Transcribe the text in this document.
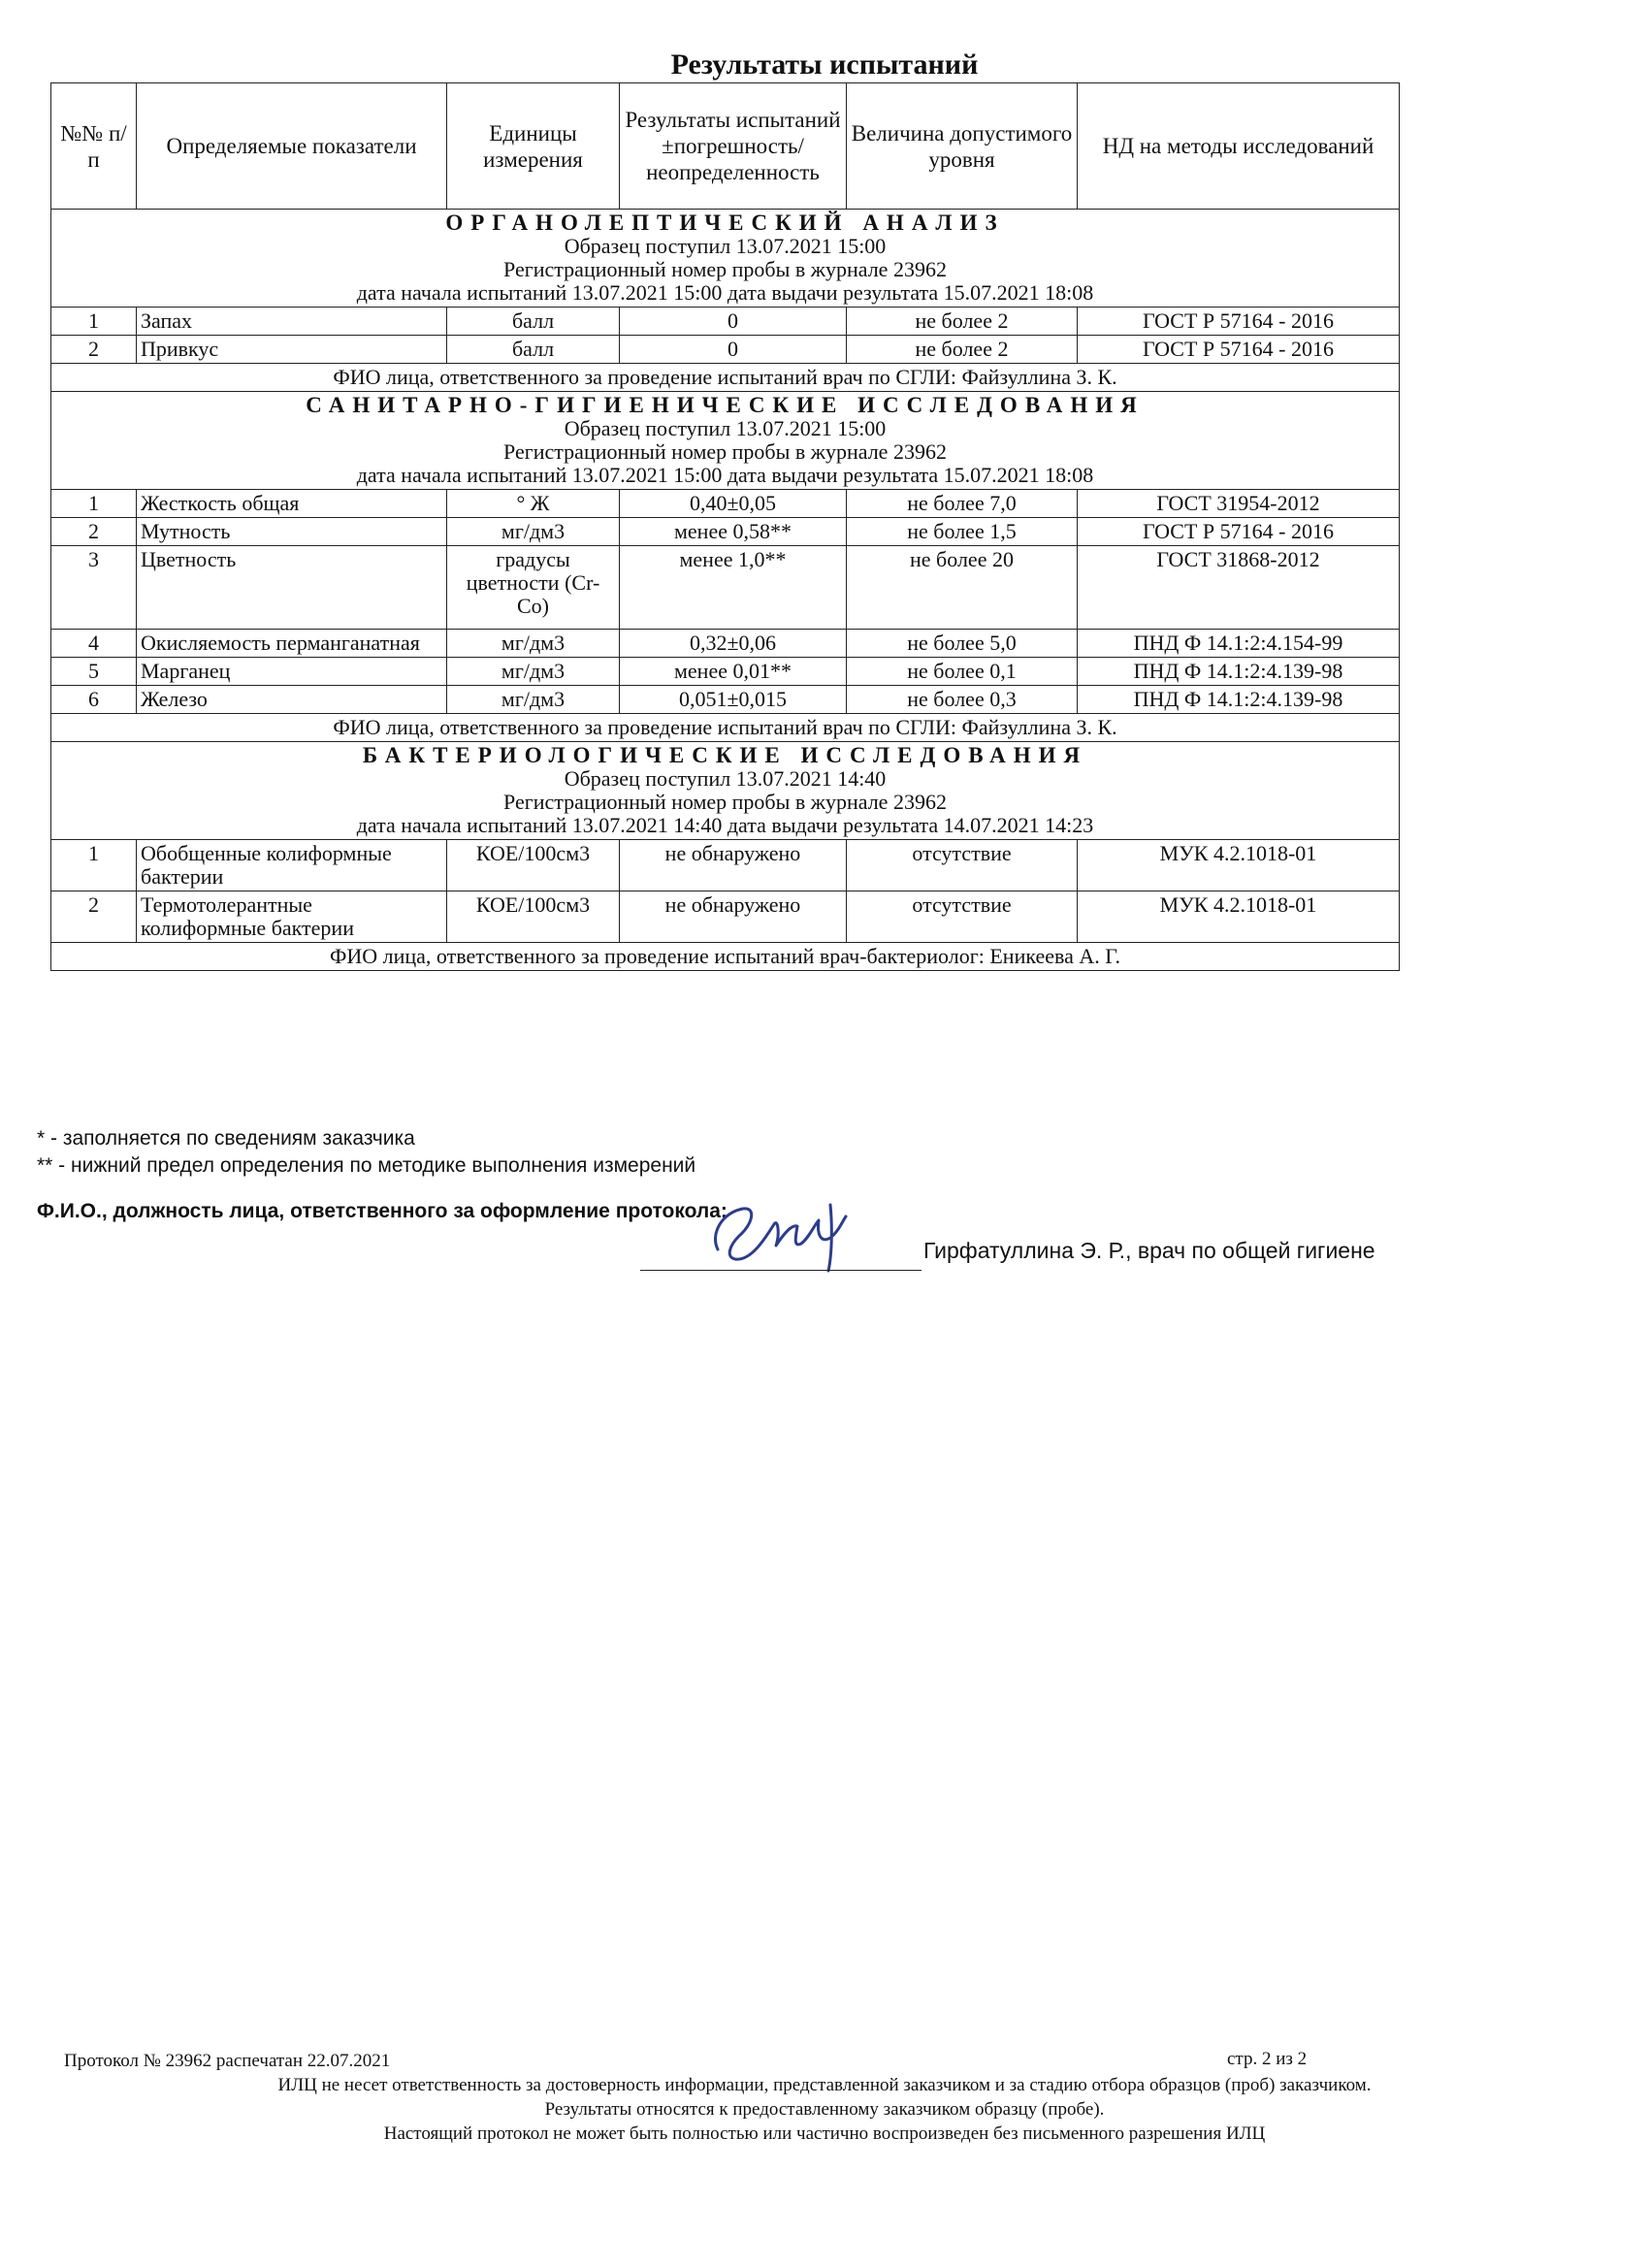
Результаты испытаний
№№ п/п	Определяемые показатели	Единицы измерения	Результаты испытаний ±погрешность/ неопределенность	Величина допустимого уровня	НД на методы исследований

ОРГАНОЛЕПТИЧЕСКИЙ АНАЛИЗ
Образец поступил 13.07.2021 15:00
Регистрационный номер пробы в журнале 23962
дата начала испытаний 13.07.2021 15:00 дата выдачи результата 15.07.2021 18:08					

1	Запах	балл	0	не более 2	ГОСТ Р 57164 - 2016
2	Привкус	балл	0	не более 2	ГОСТ Р 57164 - 2016
ФИО лица, ответственного за проведение испытаний врач по СГЛИ: Файзуллина З. К.					

САНИТАРНО-ГИГИЕНИЧЕСКИЕ ИССЛЕДОВАНИЯ
Образец поступил 13.07.2021 15:00
Регистрационный номер пробы в журнале 23962
дата начала испытаний 13.07.2021 15:00 дата выдачи результата 15.07.2021 18:08					

1	Жесткость общая	° Ж	0,40±0,05	не более 7,0	ГОСТ 31954-2012
2	Мутность	мг/дм3	менее 0,58**	не более 1,5	ГОСТ Р 57164 - 2016
3	Цветность	градусы цветности (Cr-Co)	менее 1,0**	не более 20	ГОСТ 31868-2012
4	Окисляемость перманганатная	мг/дм3	0,32±0,06	не более 5,0	ПНД Ф 14.1:2:4.154-99
5	Марганец	мг/дм3	менее 0,01**	не более 0,1	ПНД Ф 14.1:2:4.139-98
6	Железо	мг/дм3	0,051±0,015	не более 0,3	ПНД Ф 14.1:2:4.139-98
ФИО лица, ответственного за проведение испытаний врач по СГЛИ: Файзуллина З. К.					

БАКТЕРИОЛОГИЧЕСКИЕ ИССЛЕДОВАНИЯ
Образец поступил 13.07.2021 14:40
Регистрационный номер пробы в журнале 23962
дата начала испытаний 13.07.2021 14:40 дата выдачи результата 14.07.2021 14:23					

1	Обобщенные колиформные бактерии	КОЕ/100см3	не обнаружено	отсутствие	МУК 4.2.1018-01
2	Термотолерантные колиформные бактерии	КОЕ/100см3	не обнаружено	отсутствие	МУК 4.2.1018-01
ФИО лица, ответственного за проведение испытаний врач-бактериолог: Еникеева А. Г.					
* - заполняется по сведениям заказчика
** - нижний предел определения по методике выполнения измерений
Ф.И.О., должность лица, ответственного за оформление протокола:
Гирфатуллина Э. Р., врач по общей гигиене
Протокол № 23962 распечатан 22.07.2021	стр. 2 из 2
ИЛЦ не несет ответственность за достоверность информации, представленной заказчиком и за стадию отбора образцов (проб) заказчиком.
Результаты относятся к предоставленному заказчиком образцу (пробе).
Настоящий протокол не может быть полностью или частично воспроизведен без письменного разрешения ИЛЦ
